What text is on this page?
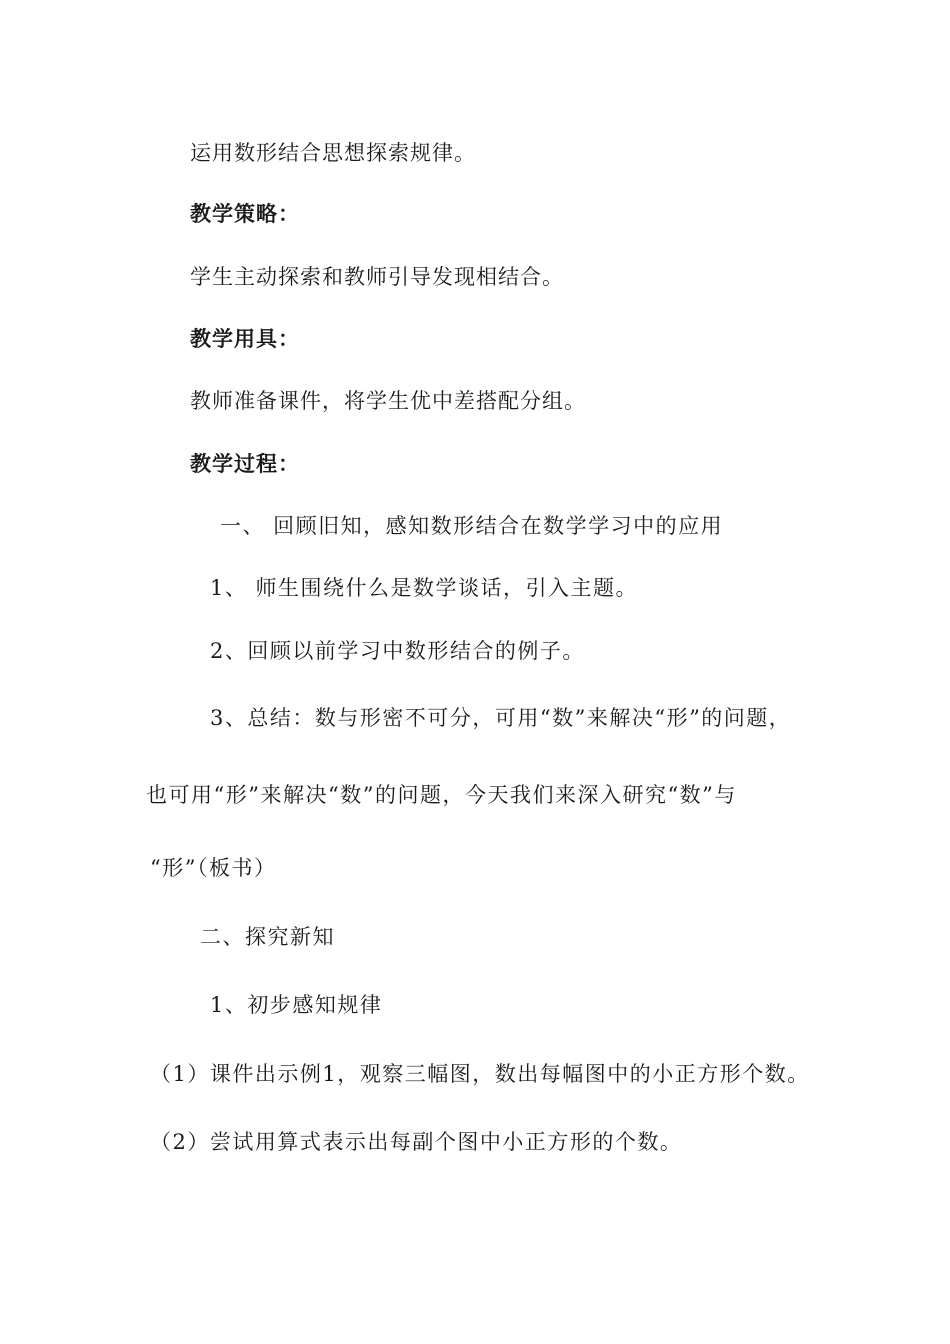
运用数形结合思想探索规律。
教学策略：
学生主动探索和教师引导发现相结合。
教学用具：
教师准备课件，将学生优中差搭配分组。
教学过程：
一、 回顾旧知，感知数形结合在数学学习中的应用
1、 师生围绕什么是数学谈话，引入主题。
2、回顾以前学习中数形结合的例子。
3、总结：数与形密不可分，可用“数”来解决“形”的问题，
也可用“形”来解决“数”的问题，今天我们来深入研究“数”与
“形”（板书）
二、探究新知
1、初步感知规律
（1）课件出示例1，观察三幅图，数出每幅图中的小正方形个数。
（2）尝试用算式表示出每副个图中小正方形的个数。
